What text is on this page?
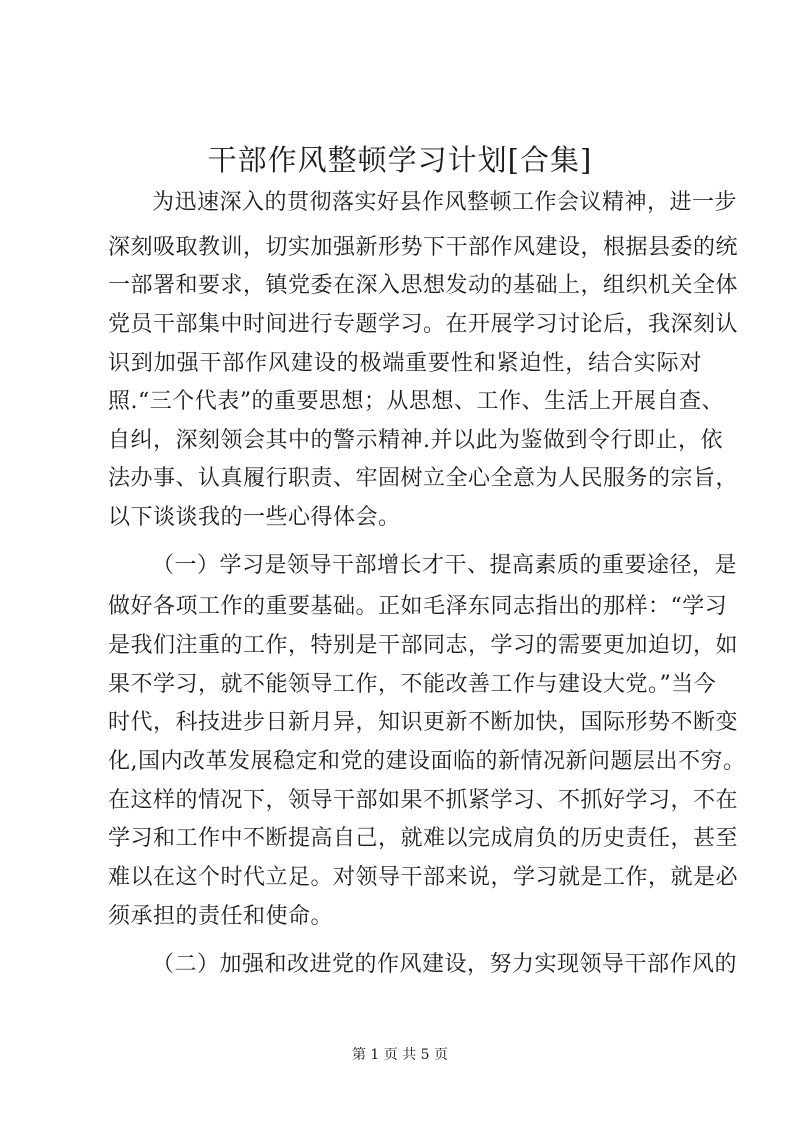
干部作风整顿学习计划[合集]
为迅速深入的贯彻落实好县作风整顿工作会议精神，进一步
深刻吸取教训，切实加强新形势下干部作风建设，根据县委的统
一部署和要求，镇党委在深入思想发动的基础上，组织机关全体
党员干部集中时间进行专题学习。在开展学习讨论后，我深刻认
识到加强干部作风建设的极端重要性和紧迫性，结合实际对
照.“三个代表”的重要思想；从思想、工作、生活上开展自查、
自纠，深刻领会其中的警示精神.并以此为鉴做到令行即止，依
法办事、认真履行职责、牢固树立全心全意为人民服务的宗旨，
以下谈谈我的一些心得体会。
（一）学习是领导干部增长才干、提高素质的重要途径，是
做好各项工作的重要基础。正如毛泽东同志指出的那样：“学习
是我们注重的工作，特别是干部同志，学习的需要更加迫切，如
果不学习，就不能领导工作，不能改善工作与建设大党。”当今
时代，科技进步日新月异，知识更新不断加快，国际形势不断变
化,国内改革发展稳定和党的建设面临的新情况新问题层出不穷。
在这样的情况下，领导干部如果不抓紧学习、不抓好学习，不在
学习和工作中不断提高自己，就难以完成肩负的历史责任，甚至
难以在这个时代立足。对领导干部来说，学习就是工作，就是必
须承担的责任和使命。
（二）加强和改进党的作风建设，努力实现领导干部作风的
第 1 页 共 5 页
